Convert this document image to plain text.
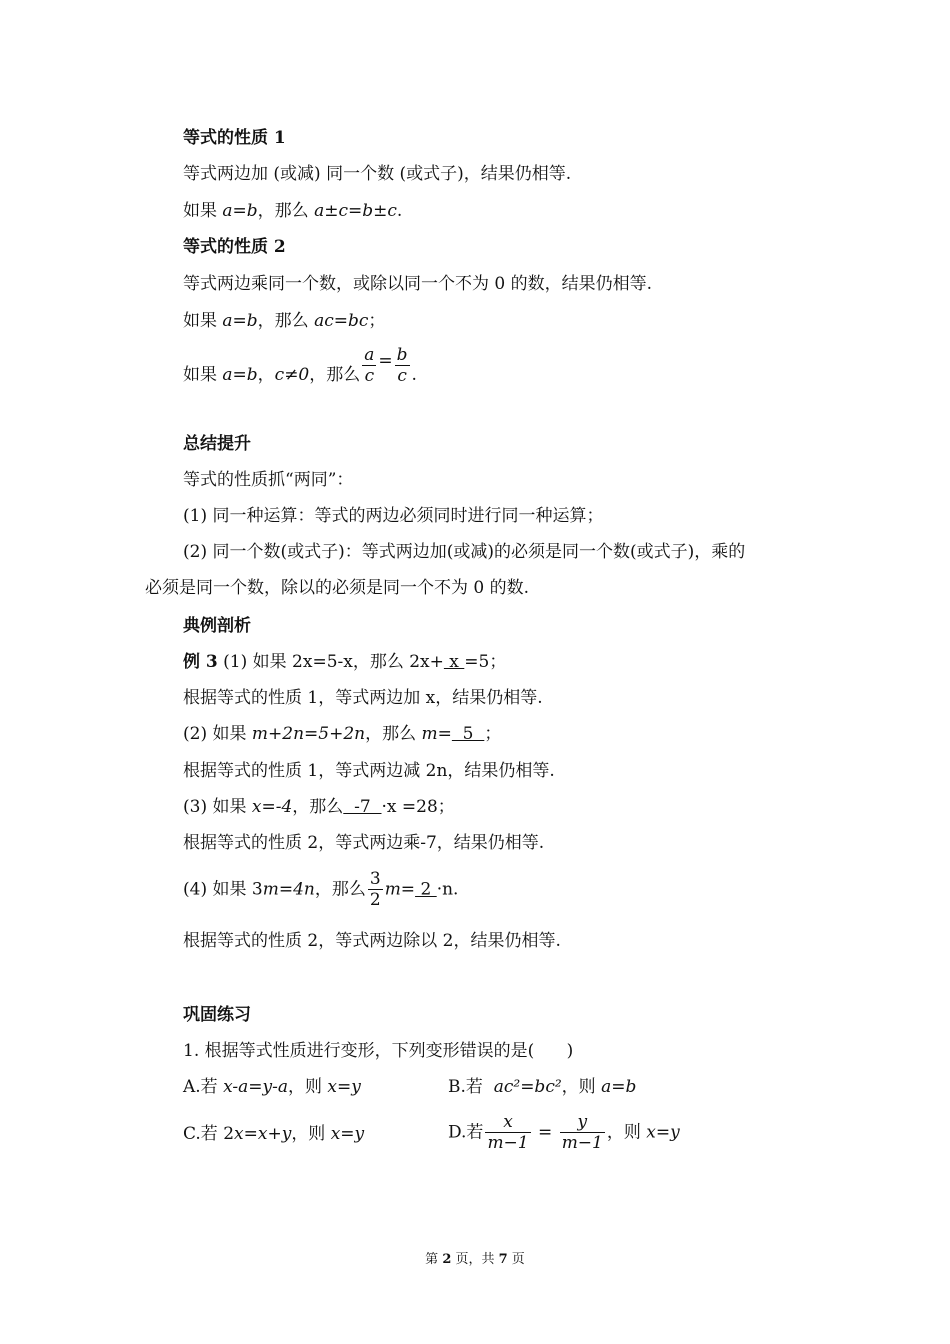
等式的性质 1
等式两边加 (或减) 同一个数 (或式子)，结果仍相等.
如果 a=b，那么 a±c=b±c.
等式的性质 2
等式两边乘同一个数，或除以同一个不为 0 的数，结果仍相等.
如果 a=b，那么 ac=bc；
如果 a=b，c≠0，那么 $\frac{a}{c} = \frac{b}{c}$ .
总结提升
等式的性质抓“两同”：
(1) 同一种运算：等式的两边必须同时进行同一种运算；
(2) 同一个数(或式子)：等式两边加(或减)的必须是同一个数(或式子)，乘的
必须是同一个数，除以的必须是同一个不为 0 的数.
典例剖析
例 3 (1) 如果 2x=5-x，那么 2x+ x =5；
根据等式的性质 1，等式两边加 x，结果仍相等.
(2) 如果 m+2n=5+2n，那么 m=  5  ；
根据等式的性质 1，等式两边减 2n，结果仍相等.
(3) 如果 x=-4，那么  -7  ·x =28；
根据等式的性质 2，等式两边乘-7，结果仍相等.
(4) 如果 3m=4n，那么 $\frac{3}{2} m= 2 \cdot n$.
根据等式的性质 2，等式两边除以 2，结果仍相等.
巩固练习
1. 根据等式性质进行变形，下列变形错误的是(      )
A.若 x-a=y-a，则 x=y	B.若  ac²=bc²，则 a=b
C.若 2x=x+y，则 x=y	D.若 $\frac{x}{m-1} = \frac{y}{m-1}$ ，则 x=y
第 2 页，共 7 页
